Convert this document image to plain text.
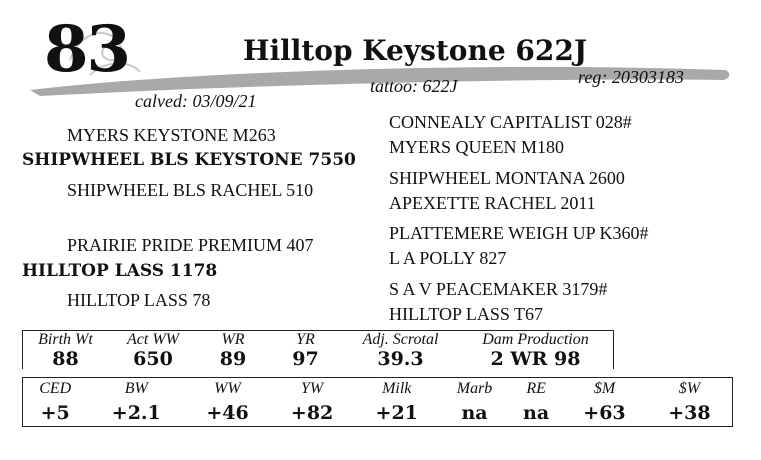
83	Hilltop Keystone 622J
tattoo: 622J	reg: 20303183
calved: 03/09/21
MYERS KEYSTONE M263
SHIPWHEEL BLS KEYSTONE 7550
SHIPWHEEL BLS RACHEL 510
PRAIRIE PRIDE PREMIUM 407
HILLTOP LASS 1178
HILLTOP LASS 78
CONNEALY CAPITALIST 028#
MYERS QUEEN M180
SHIPWHEEL MONTANA 2600
APEXETTE RACHEL 2011
PLATTEMERE WEIGH UP K360#
L A POLLY 827
S A V PEACEMAKER 3179#
HILLTOP LASS T67
Birth Wt	Act WW	WR	YR	Adj. Scrotal	Dam Production
88	650	89	97	39.3	2 WR 98
CED	BW	WW	YW	Milk	Marb	RE	$M	$W
+5	+2.1	+46	+82	+21	na	na	+63	+38
